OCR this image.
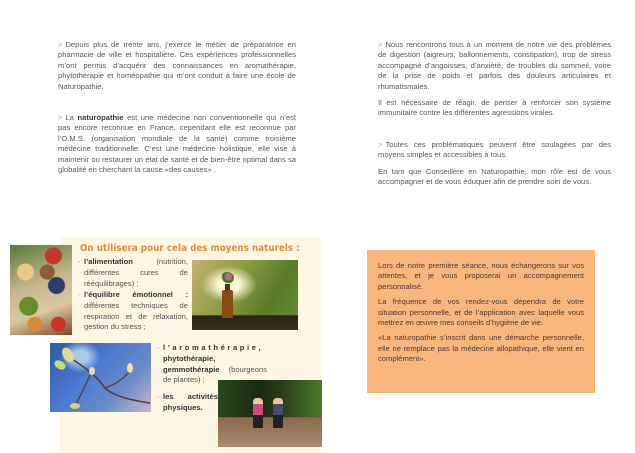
> Depuis plus de trente ans, j’exerce le métier de préparatrice en pharmacie de ville et hospitalière. Ces expériences professionnelles m’ont permis d’acquérir des connaissances en aromathérapie, phytothérapie et homéopathie qui m’ont conduit à faire une école de Naturopathie.

> La naturopathie est une médecine non conventionnelle qui n’est pas encore reconnue en France, cependant elle est reconnue par l’O.M.S. (organisation mondiale de la santé) comme troisième médecine traditionnelle. C’est une médecine holistique, elle vise à maintenir ou restaurer un état de santé et de bien-être optimal dans sa globalité en cherchant la cause «des causes» .

> Nous rencontrons tous à un moment de notre vie des problèmes de digestion (aigreurs, ballonnements, constipation), trop de stress accompagné d’angoisses, d’anxiété, de troubles du sommeil, voire de la prise de poids et parfois des douleurs articulaires et rhumatismales.

Il est nécessaire de réagir, de penser à renforcer son système immunitaire contre les différentes agressions virales.

> Toutes ces problématiques peuvent être soulagées par des moyens simples et accessibles à tous.

En tant que Conseillère en Naturopathie, mon rôle est de vous accompagner et de vous éduquer afin de prendre soin de vous.

On utilisera pour cela des moyens naturels :
- l’alimentation (nutrition, différentes cures de rééquilibrages) ;
- l’équilibre émotionnel : différentes techniques de respiration et de relaxation, gestion du stress ;
- l’aromathérapie, phytothérapie, gemmothérapie (bourgeons de plantes) ;
- les activités physiques.

Lors de notre première séance, nous échangerons sur vos attentes, et je vous proposerai un accompagnement personnalisé.

La fréquence de vos rendez-vous dépendra de votre situation personnelle, et de l’application avec laquelle vous mettrez en œuvre mes conseils d’hygiène de vie.

«La naturopathie s’inscrit dans une démarche personnelle, elle ne remplace pas la médecine allopathique, elle vient en complément».
